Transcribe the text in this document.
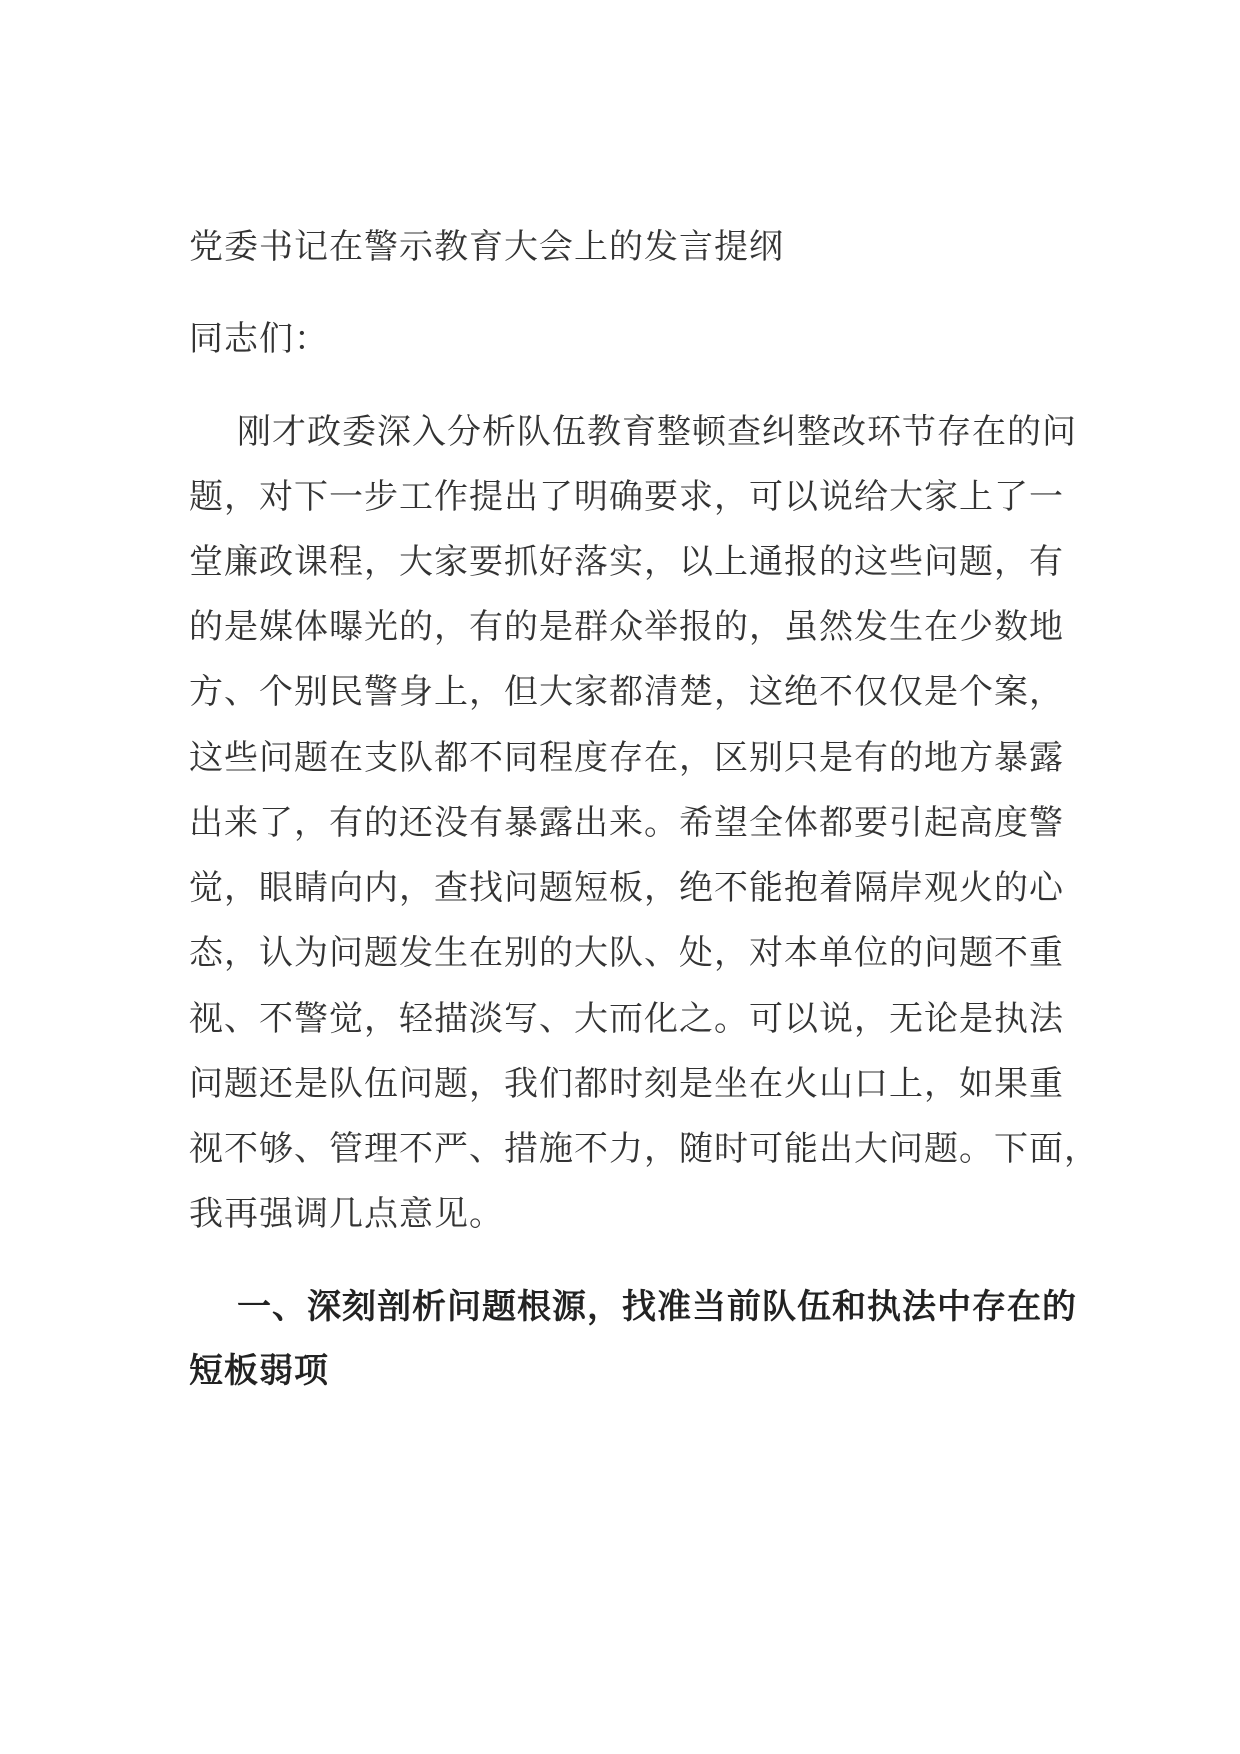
党委书记在警示教育大会上的发言提纲
同志们：
刚才政委深入分析队伍教育整顿查纠整改环节存在的问
题，对下一步工作提出了明确要求，可以说给大家上了一
堂廉政课程，大家要抓好落实，以上通报的这些问题，有
的是媒体曝光的，有的是群众举报的，虽然发生在少数地
方、个别民警身上，但大家都清楚，这绝不仅仅是个案，
这些问题在支队都不同程度存在，区别只是有的地方暴露
出来了，有的还没有暴露出来。希望全体都要引起高度警
觉，眼睛向内，查找问题短板，绝不能抱着隔岸观火的心
态，认为问题发生在别的大队、处，对本单位的问题不重
视、不警觉，轻描淡写、大而化之。可以说，无论是执法
问题还是队伍问题，我们都时刻是坐在火山口上，如果重
视不够、管理不严、措施不力，随时可能出大问题。下面，
我再强调几点意见。
一、深刻剖析问题根源，找准当前队伍和执法中存在的
短板弱项
